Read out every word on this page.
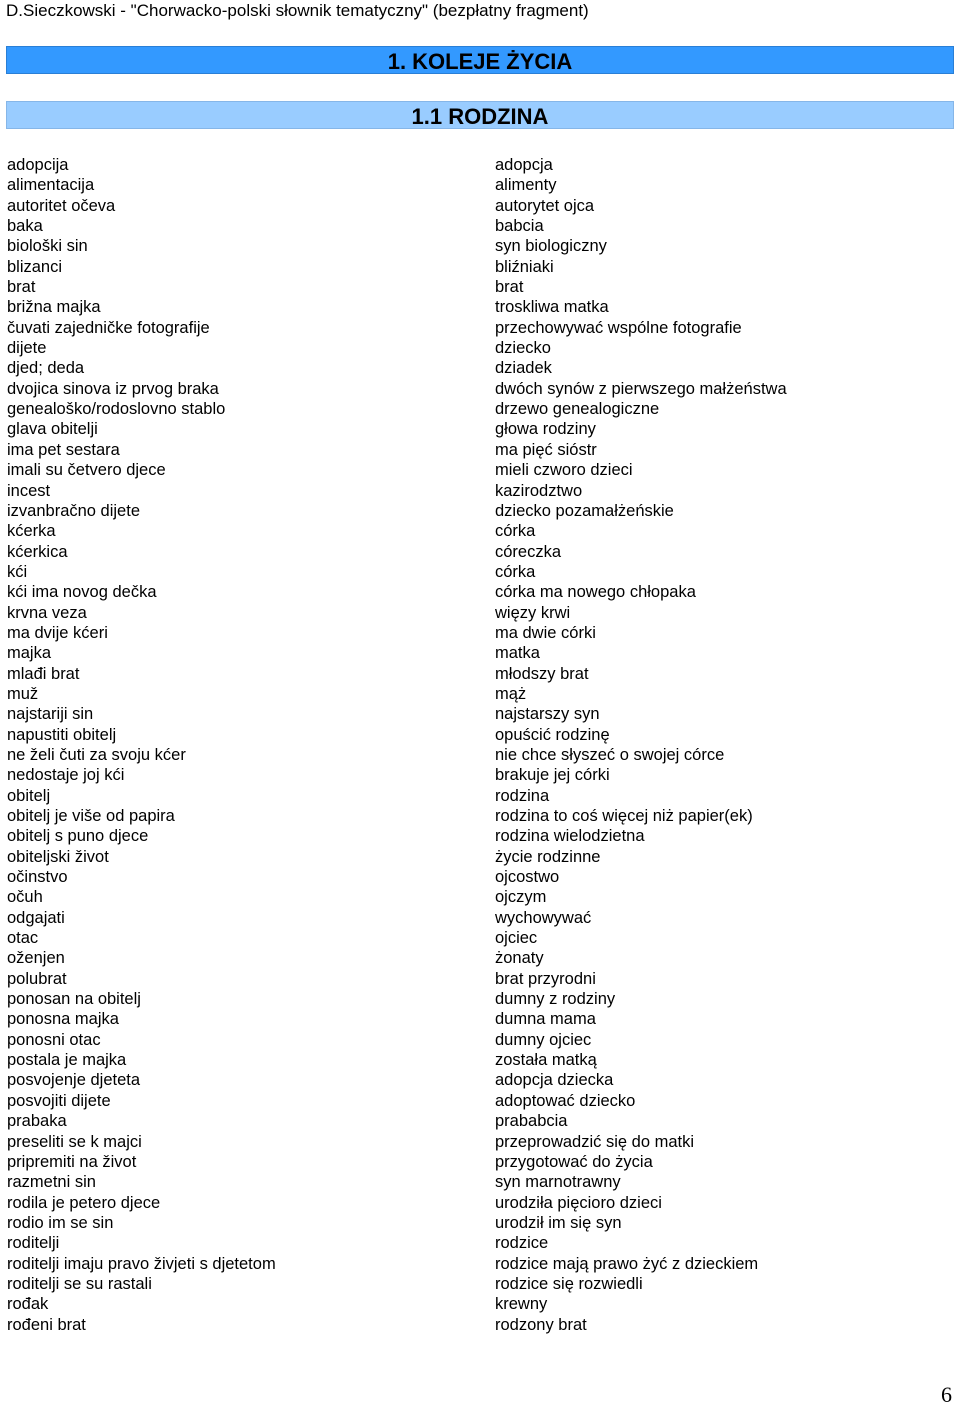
D.Sieczkowski - "Chorwacko-polski słownik tematyczny" (bezpłatny fragment)
1. KOLEJE ŻYCIA
1.1 RODZINA
adopcija	adopcja
alimentacija	alimenty
autoritet očeva	autorytet ojca
baka	babcia
biološki sin	syn biologiczny
blizanci	bliźniaki
brat	brat
brižna majka	troskliwa matka
čuvati zajedničke fotografije	przechowywać wspólne fotografie
dijete	dziecko
djed; deda	dziadek
dvojica sinova iz prvog braka	dwóch synów z pierwszego małżeństwa
genealoško/rodoslovno stablo	drzewo genealogiczne
glava obitelji	głowa rodziny
ima pet sestara	ma pięć sióstr
imali su četvero djece	mieli czworo dzieci
incest	kazirodztwo
izvanbračno dijete	dziecko pozamałżeńskie
kćerka	córka
kćerkica	córeczka
kći	córka
kći ima novog dečka	córka ma nowego chłopaka
krvna veza	więzy krwi
ma dvije kćeri	ma dwie córki
majka	matka
mlađi brat	młodszy brat
muž	mąż
najstariji sin	najstarszy syn
napustiti obitelj	opuścić rodzinę
ne želi čuti za svoju kćer	nie chce słyszeć o swojej córce
nedostaje joj kći	brakuje jej córki
obitelj	rodzina
obitelj je više od papira	rodzina to coś więcej niż papier(ek)
obitelj s puno djece	rodzina wielodzietna
obiteljski život	życie rodzinne
očinstvo	ojcostwo
očuh	ojczym
odgajati	wychowywać
otac	ojciec
oženjen	żonaty
polubrat	brat przyrodni
ponosan na obitelj	dumny z rodziny
ponosna majka	dumna mama
ponosni otac	dumny ojciec
postala je majka	została matką
posvojenje djeteta	adopcja dziecka
posvojiti dijete	adoptować dziecko
prabaka	prababcia
preseliti se k majci	przeprowadzić się do matki
pripremiti na život	przygotować do życia
razmetni sin	syn marnotrawny
rodila je petero djece	urodziła pięcioro dzieci
rodio im se sin	urodził im się syn
roditelji	rodzice
roditelji imaju pravo živjeti s djetetom	rodzice mają prawo żyć z dzieckiem
roditelji se su rastali	rodzice się rozwiedli
rođak	krewny
rođeni brat	rodzony brat
6
